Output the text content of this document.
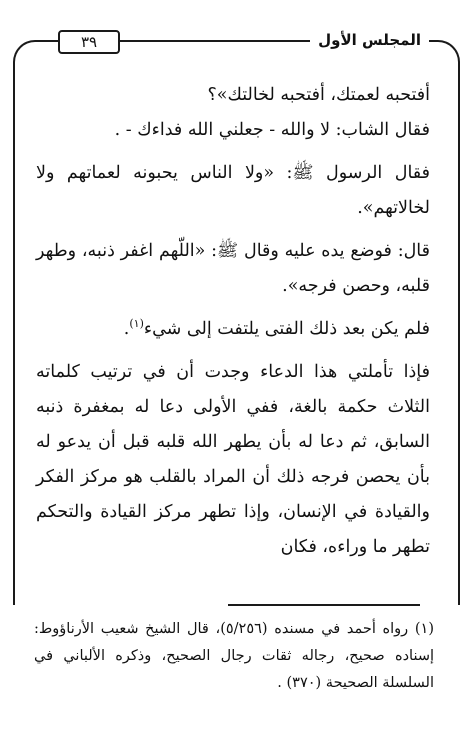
المجلس الأول
٣٩

أفتحبه لعمتك، أفتحبه لخالتك»؟

فقال الشاب: لا والله - جعلني الله فداءك - .

فقال الرسول ﷺ: «ولا الناس يحبونه لعماتهم ولا لخالاتهم».

قال: فوضع يده عليه وقال ﷺ: «اللّهم اغفر ذنبه، وطهر قلبه، وحصن فرجه».

فلم يكن بعد ذلك الفتى يلتفت إلى شيء$^{(١)}$.

فإذا تأملتي هذا الدعاء وجدت أن في ترتيب كلماته الثلاث حكمة بالغة، ففي الأولى دعا له بمغفرة ذنبه السابق، ثم دعا له بأن يطهر الله قلبه قبل أن يدعو له بأن يحصن فرجه ذلك أن المراد بالقلب هو مركز الفكر والقيادة في الإنسان، وإذا تطهر مركز القيادة والتحكم تطهر ما وراءه، فكان

(١) رواه أحمد في مسنده (٥/٢٥٦)، قال الشيخ شعيب الأرناؤوط: إسناده صحيح، رجاله ثقات رجال الصحيح، وذكره الألباني في السلسلة الصحيحة (٣٧٠) .
